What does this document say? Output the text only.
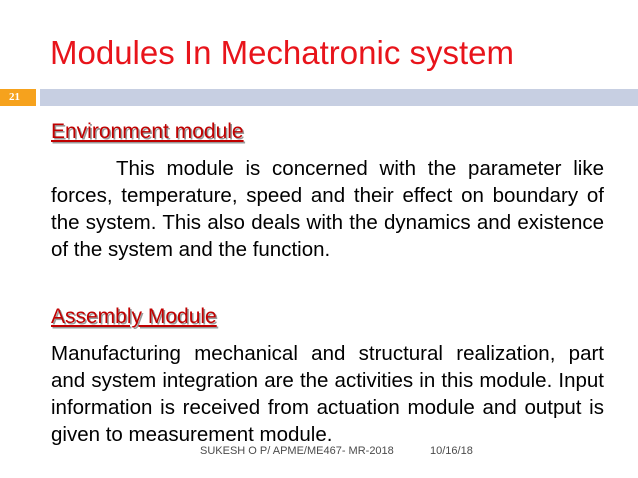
Modules In Mechatronic system
21
Environment module

This module is concerned with the parameter like forces, temperature, speed and their effect on boundary of the system. This also deals with the dynamics and existence of the system and the function.

Assembly Module

Manufacturing mechanical and structural realization, part and system integration are the activities in this module. Input information is received from actuation module and output is given to measurement module.

SUKESH O P/ APME/ME467- MR-2018	10/16/18
